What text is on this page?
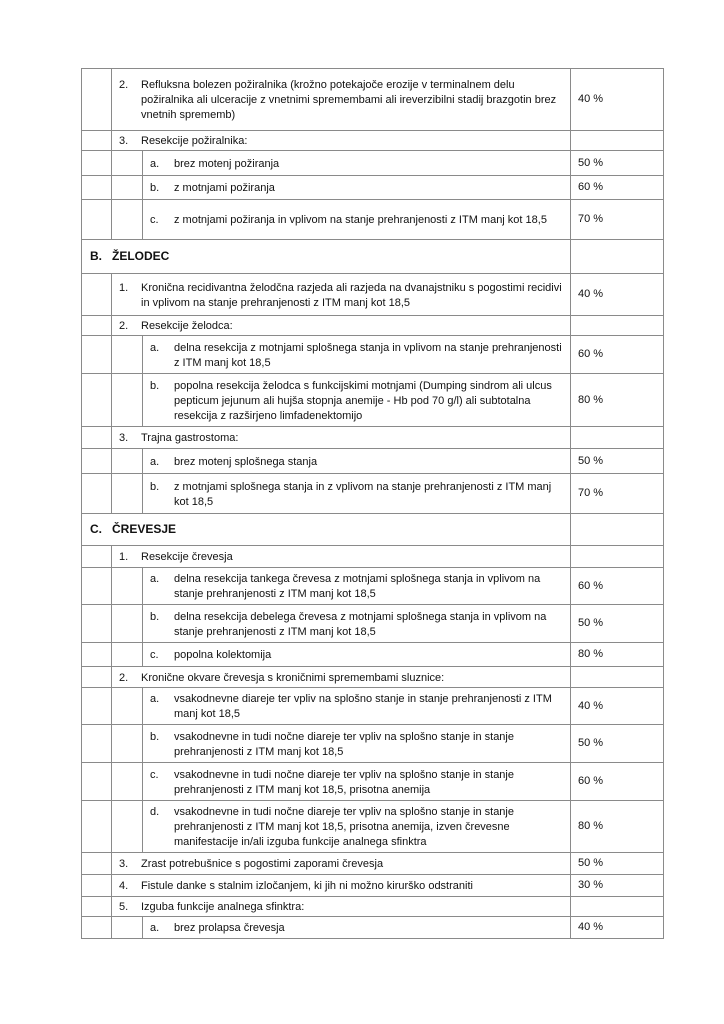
	2. Refluksna bolezen požiralnika (krožno potekajoče erozije v terminalnem delu požiralnika ali ulceracije z vnetnimi spremembami ali ireverzibilni stadij brazgotin brez vnetnih sprememb)		40 %

	3. Resekcije požiralnika:		

		a. brez motenj požiranja	50 %

		b. z motnjami požiranja	60 %

		c. z motnjami požiranja in vplivom na stanje prehranjenosti z ITM manj kot 18,5	70 %

B. ŽELODEC			

	1. Kronična recidivantna želodčna razjeda ali razjeda na dvanajstniku s pogostimi recidivi in vplivom na stanje prehranjenosti z ITM manj kot 18,5		40 %

	2. Resekcije želodca:		

		a. delna resekcija z motnjami splošnega stanja in vplivom na stanje prehranjenosti z ITM manj kot 18,5	60 %

		b. popolna resekcija želodca s funkcijskimi motnjami (Dumping sindrom ali ulcus pepticum jejunum ali hujša stopnja anemije - Hb pod 70 g/l) ali subtotalna resekcija z razširjeno limfadenektomijo	80 %

	3. Trajna gastrostoma:		

		a. brez motenj splošnega stanja	50 %

		b. z motnjami splošnega stanja in z vplivom na stanje prehranjenosti z ITM manj kot 18,5	70 %

C. ČREVESJE			

	1. Resekcije črevesja		

		a. delna resekcija tankega črevesa z motnjami splošnega stanja in vplivom na stanje prehranjenosti z ITM manj kot 18,5	60 %

		b. delna resekcija debelega črevesa z motnjami splošnega stanja in vplivom na stanje prehranjenosti z ITM manj kot 18,5	50 %

		c. popolna kolektomija	80 %

	2. Kronične okvare črevesja s kroničnimi spremembami sluznice:		

		a. vsakodnevne diareje ter vpliv na splošno stanje in stanje prehranjenosti z ITM manj kot 18,5	40 %

		b. vsakodnevne in tudi nočne diareje ter vpliv na splošno stanje in stanje prehranjenosti z ITM manj kot 18,5	50 %

		c. vsakodnevne in tudi nočne diareje ter vpliv na splošno stanje in stanje prehranjenosti z ITM manj kot 18,5, prisotna anemija	60 %

		d. vsakodnevne in tudi nočne diareje ter vpliv na splošno stanje in stanje prehranjenosti z ITM manj kot 18,5, prisotna anemija, izven črevesne manifestacije in/ali izguba funkcije analnega sfinktra	80 %

	3. Zrast potrebušnice s pogostimi zaporami črevesja		50 %

	4. Fistule danke s stalnim izločanjem, ki jih ni možno kirurško odstraniti		30 %

	5. Izguba funkcije analnega sfinktra:		

		a. brez prolapsa črevesja	40 %
